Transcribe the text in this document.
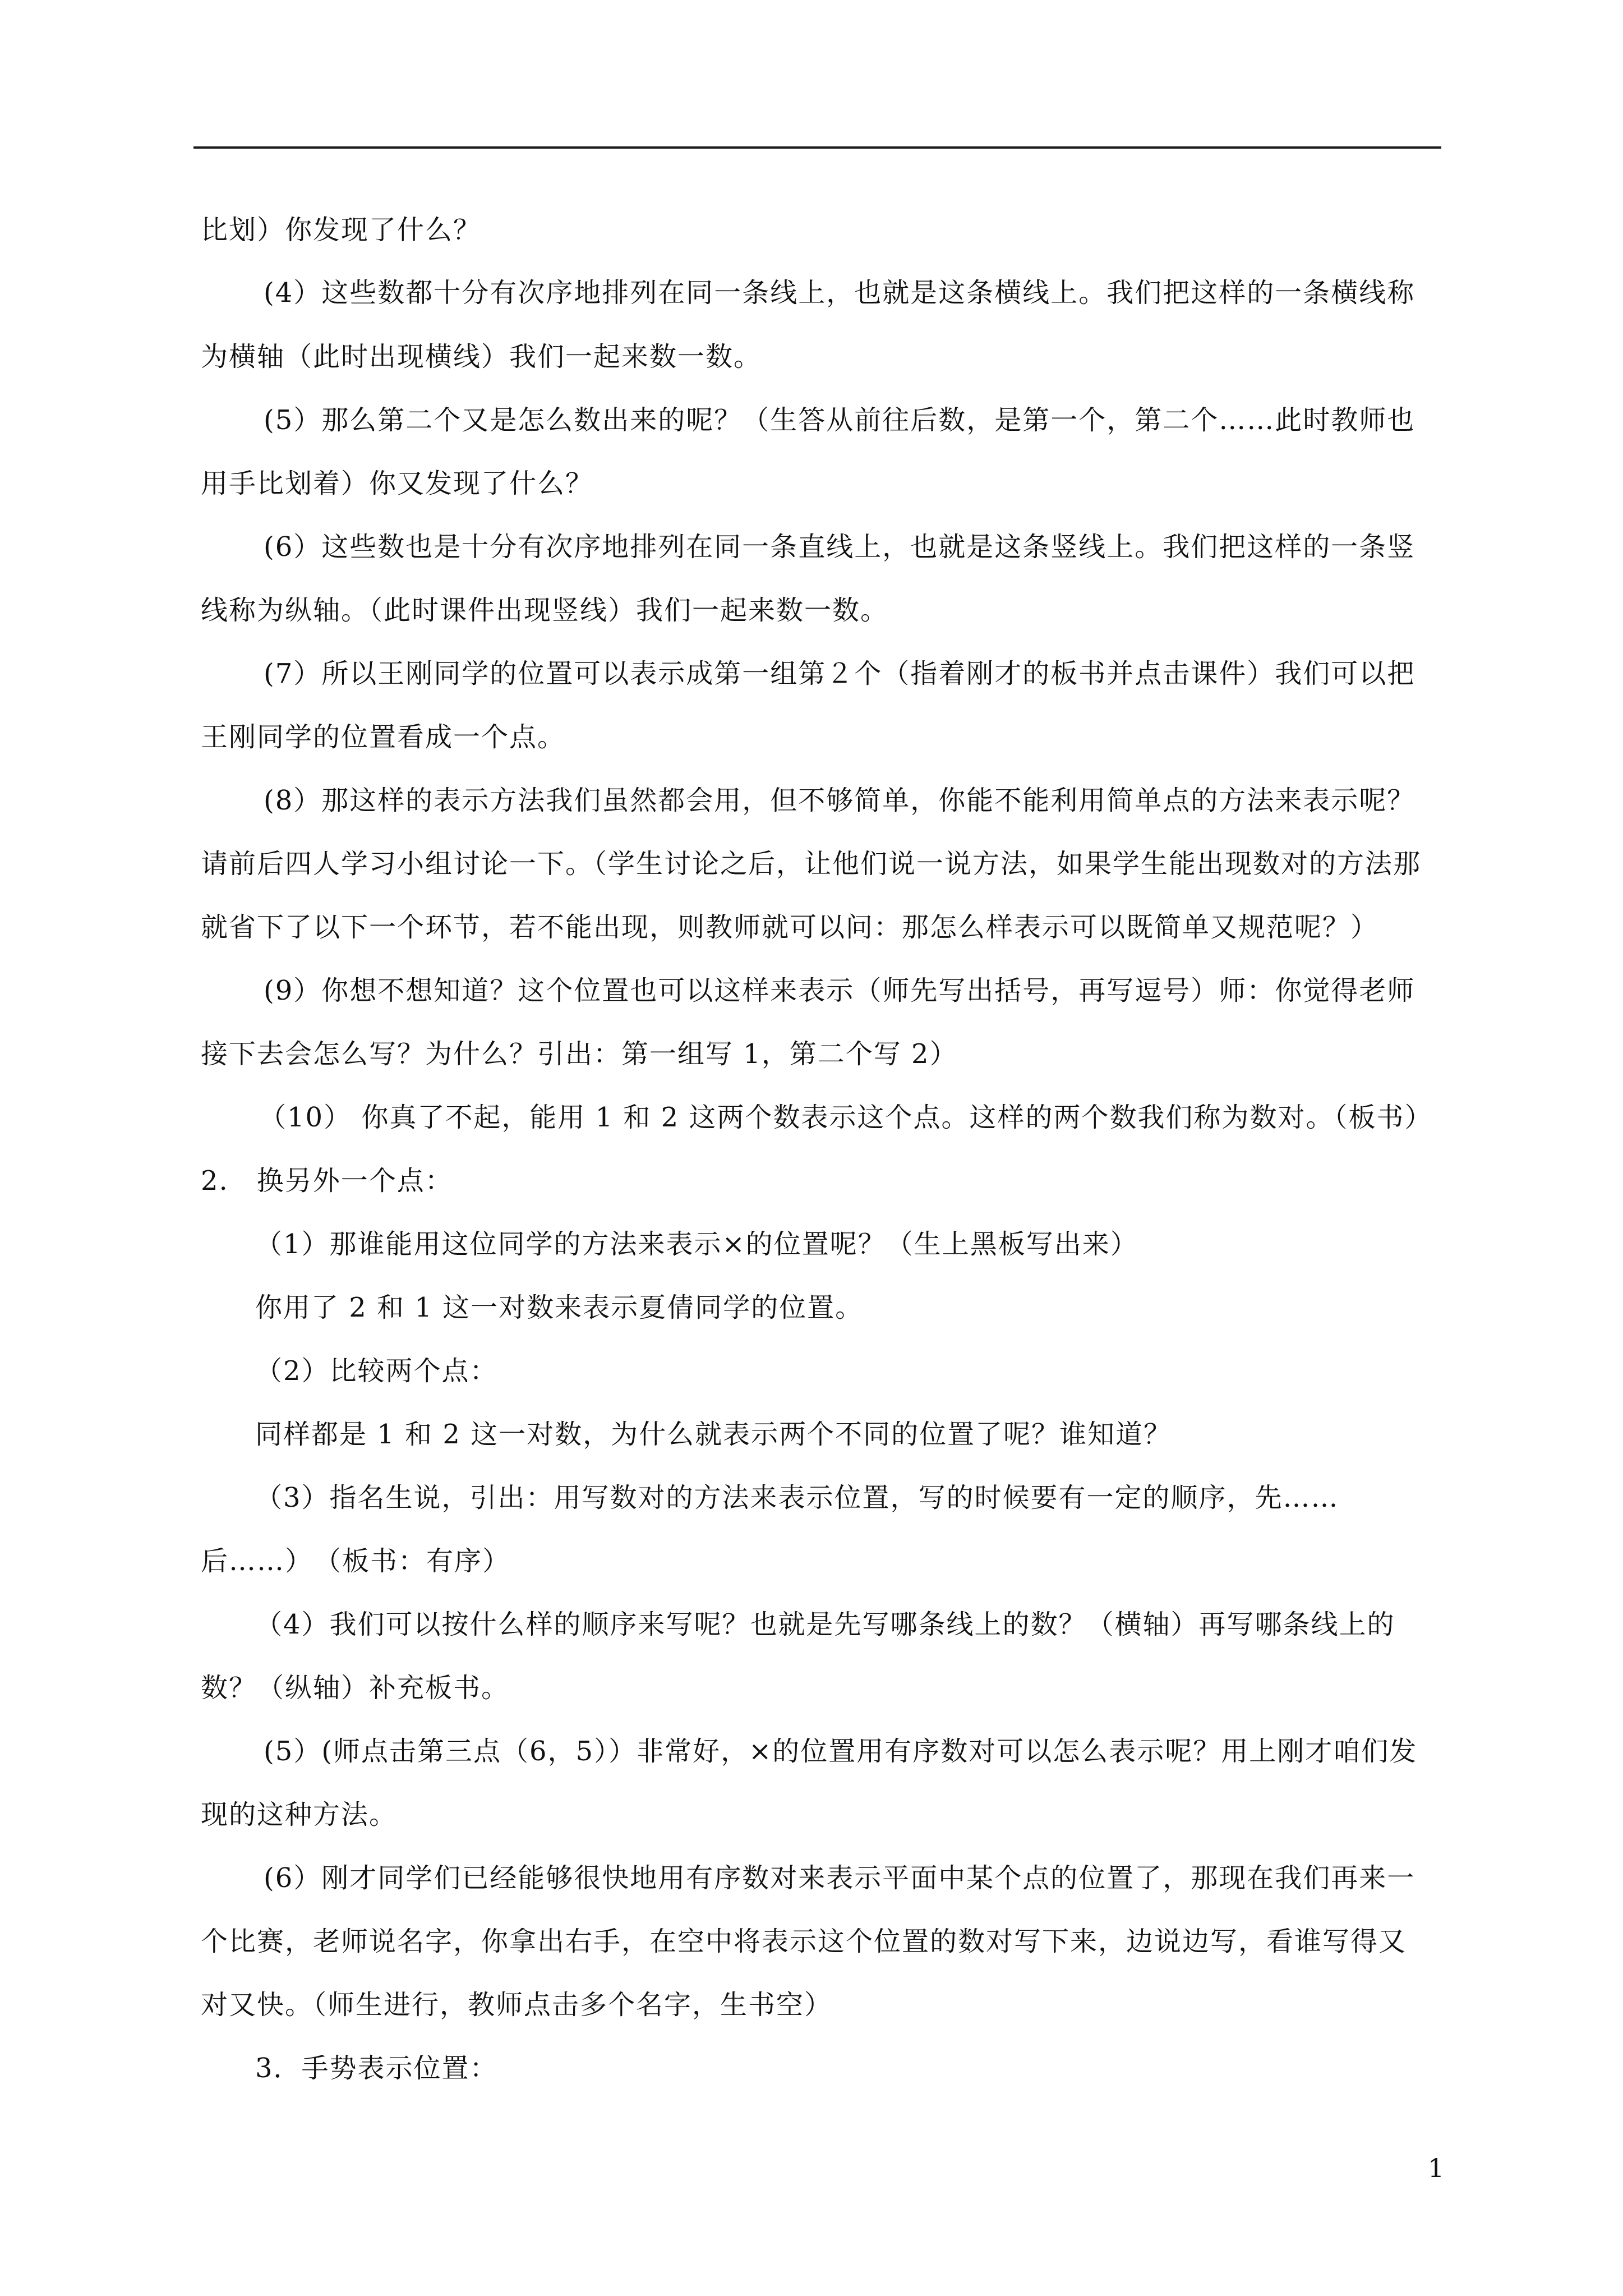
比划）你发现了什么？
(4）这些数都十分有次序地排列在同一条线上，也就是这条横线上。我们把这样的一条横线称
为横轴（此时出现横线）我们一起来数一数。
(5）那么第二个又是怎么数出来的呢？（生答从前往后数，是第一个，第二个……此时教师也
用手比划着）你又发现了什么？
(6）这些数也是十分有次序地排列在同一条直线上，也就是这条竖线上。我们把这样的一条竖
线称为纵轴。（此时课件出现竖线）我们一起来数一数。
(7）所以王刚同学的位置可以表示成第一组第２个（指着刚才的板书并点击课件）我们可以把
王刚同学的位置看成一个点。
(8）那这样的表示方法我们虽然都会用，但不够简单，你能不能利用简单点的方法来表示呢？
请前后四人学习小组讨论一下。（学生讨论之后，让他们说一说方法，如果学生能出现数对的方法那
就省下了以下一个环节，若不能出现，则教师就可以问：那怎么样表示可以既简单又规范呢？）
(9）你想不想知道？这个位置也可以这样来表示（师先写出括号，再写逗号）师：你觉得老师
接下去会怎么写？为什么？引出：第一组写 1，第二个写 2）
（10） 你真了不起，能用 1 和 2 这两个数表示这个点。这样的两个数我们称为数对。（板书）
2.　换另外一个点：
（1）那谁能用这位同学的方法来表示×的位置呢？（生上黑板写出来）
你用了 2 和 1 这一对数来表示夏倩同学的位置。
（2）比较两个点：
同样都是 1 和 2 这一对数，为什么就表示两个不同的位置了呢？谁知道？
（3）指名生说，引出：用写数对的方法来表示位置，写的时候要有一定的顺序，先……
后……）　（板书：有序）
（4）我们可以按什么样的顺序来写呢？也就是先写哪条线上的数？（横轴）再写哪条线上的
数？（纵轴）补充板书。
(5）(师点击第三点（6，5））非常好，×的位置用有序数对可以怎么表示呢？用上刚才咱们发
现的这种方法。
(6）刚才同学们已经能够很快地用有序数对来表示平面中某个点的位置了，那现在我们再来一
个比赛，老师说名字，你拿出右手，在空中将表示这个位置的数对写下来，边说边写，看谁写得又
对又快。（师生进行，教师点击多个名字，生书空）
3．手势表示位置：
1
